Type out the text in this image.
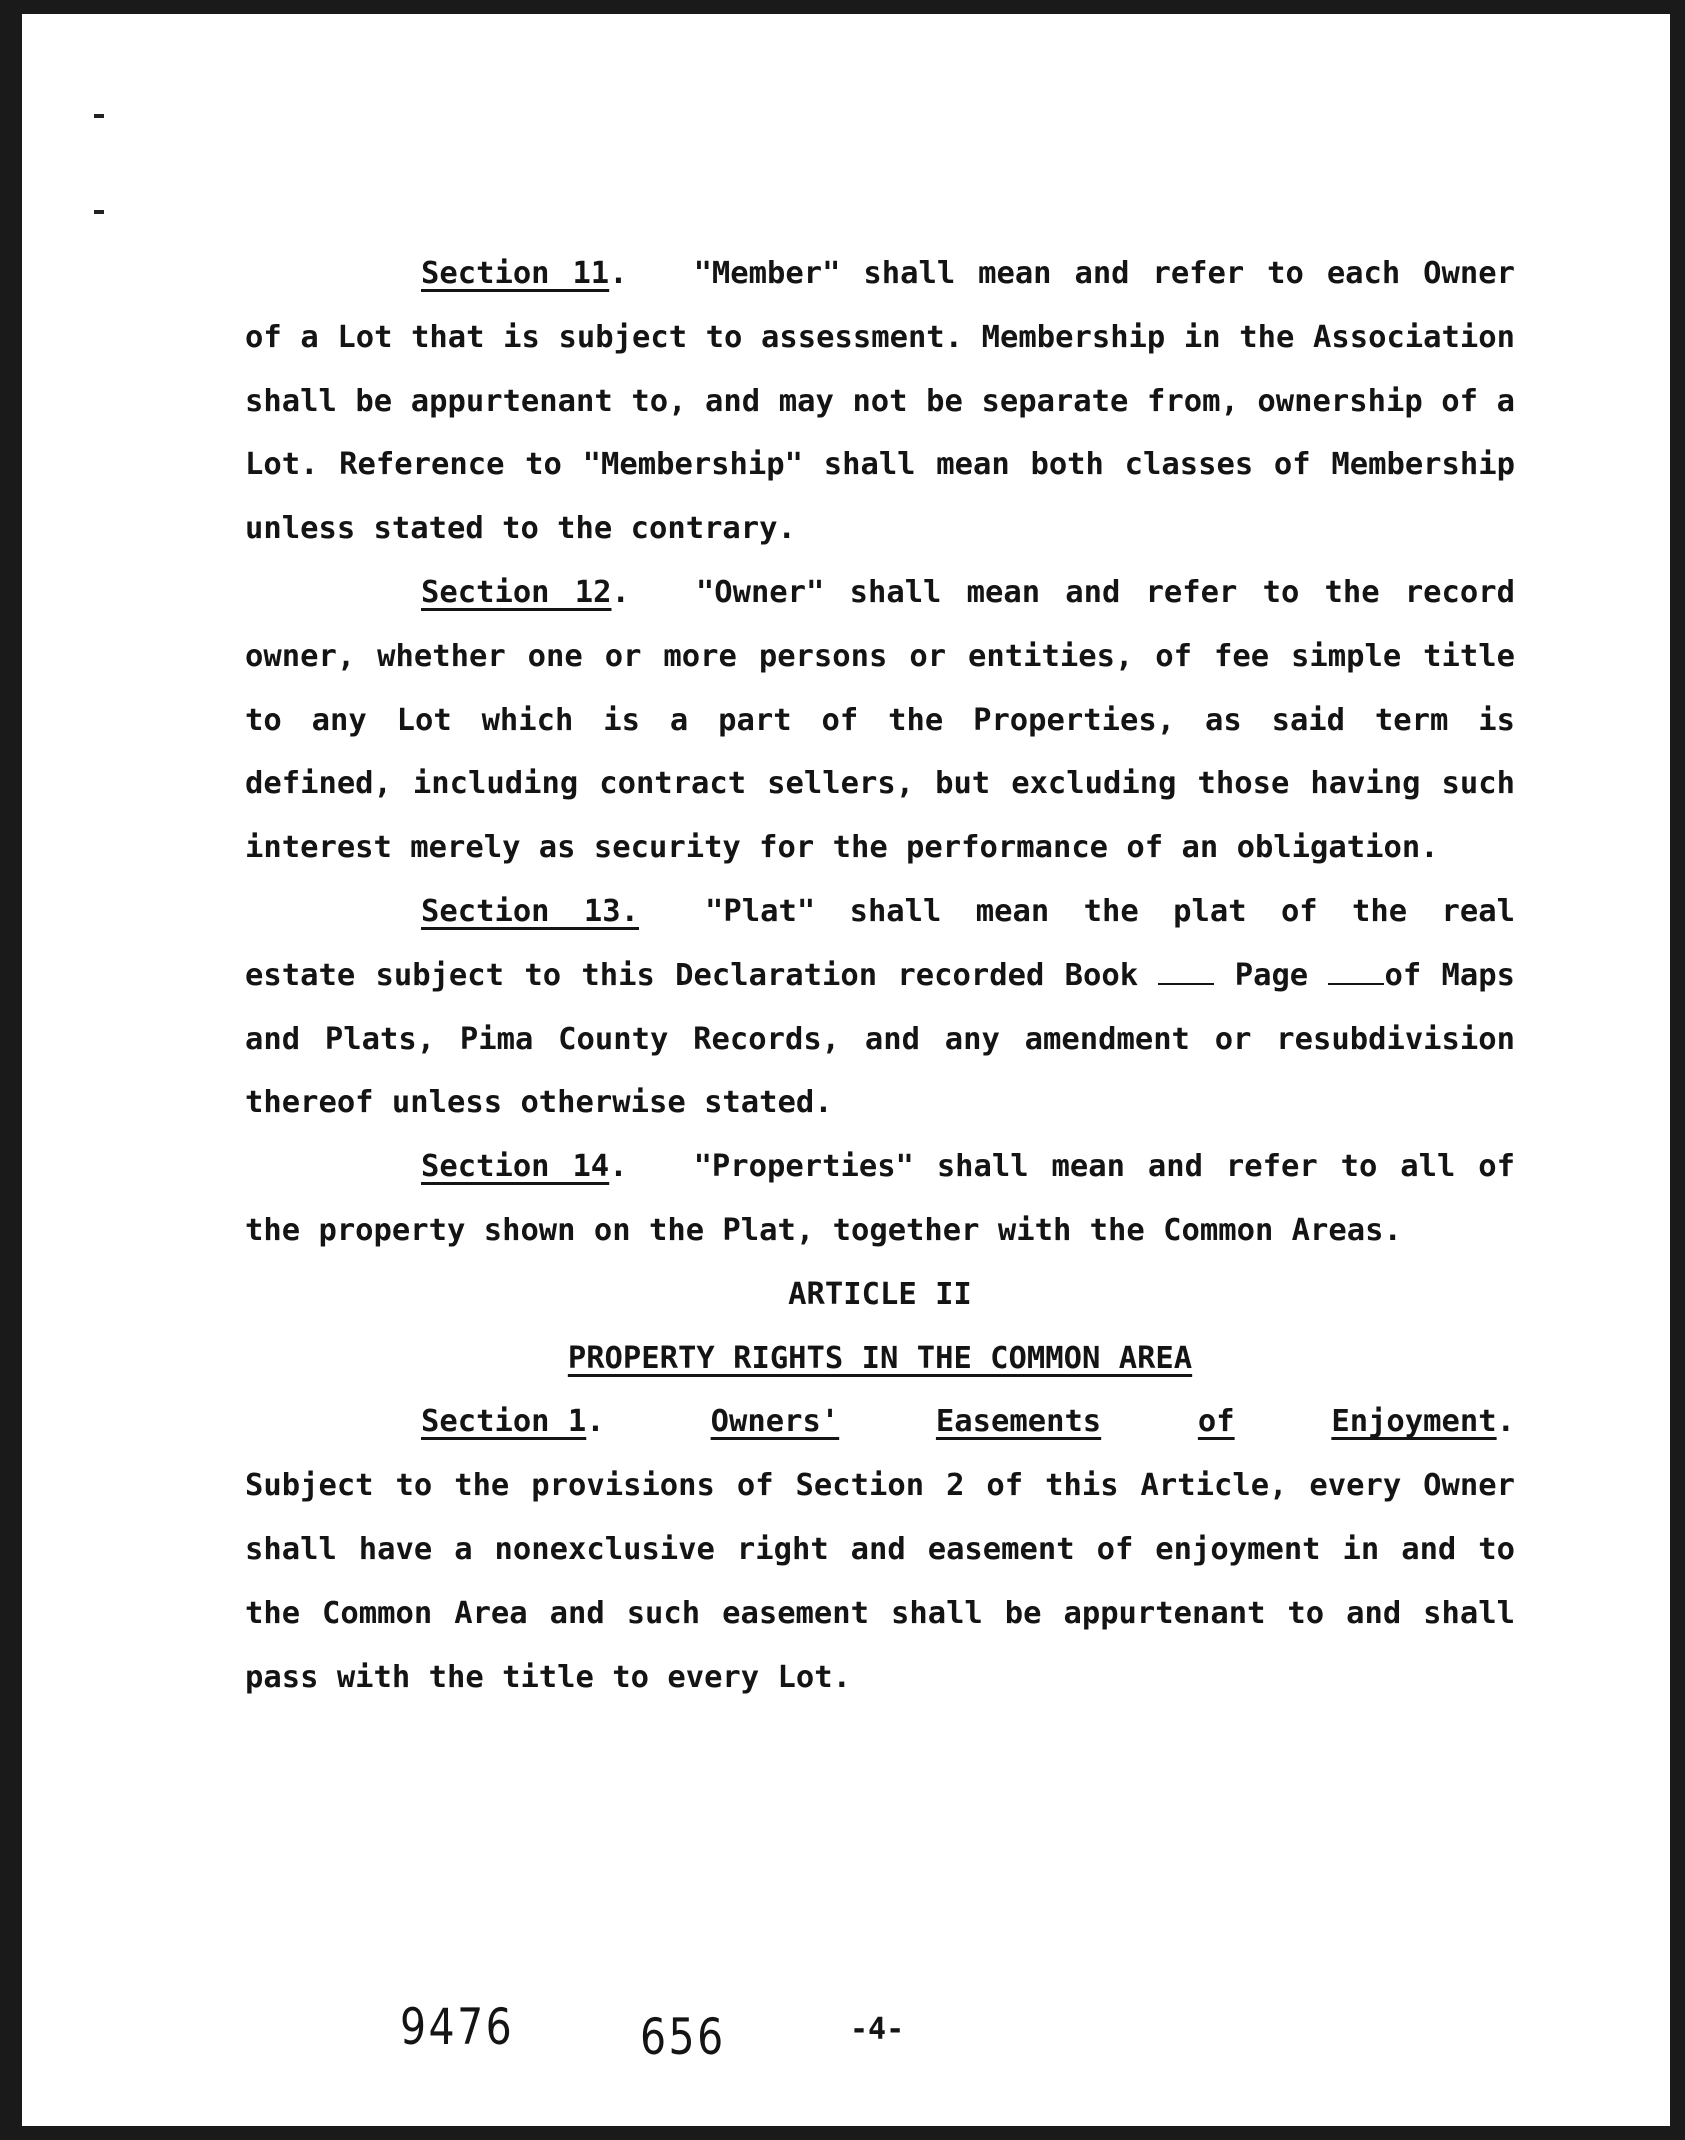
Section 11. "Member" shall mean and refer to each Owner of a Lot that is subject to assessment. Membership in the Association shall be appurtenant to, and may not be separate from, ownership of a Lot. Reference to "Membership" shall mean both classes of Membership unless stated to the contrary.

Section 12. "Owner" shall mean and refer to the record owner, whether one or more persons or entities, of fee simple title to any Lot which is a part of the Properties, as said term is defined, including contract sellers, but excluding those having such interest merely as security for the performance of an obligation.

Section 13. "Plat" shall mean the plat of the real estate subject to this Declaration recorded Book	Page	of Maps and Plats, Pima County Records, and any amendment or resubdivision thereof unless otherwise stated.

Section 14. "Properties" shall mean and refer to all of the property shown on the Plat, together with the Common Areas.

ARTICLE II

PROPERTY RIGHTS IN THE COMMON AREA

Section 1 .	Owners'	Easements	of	Enjoyment .

Subject to the provisions of Section 2 of this Article, every Owner shall have a nonexclusive right and easement of enjoyment in and to the Common Area and such easement shall be appurtenant to and shall pass with the title to every Lot.

9476	656	-4-
